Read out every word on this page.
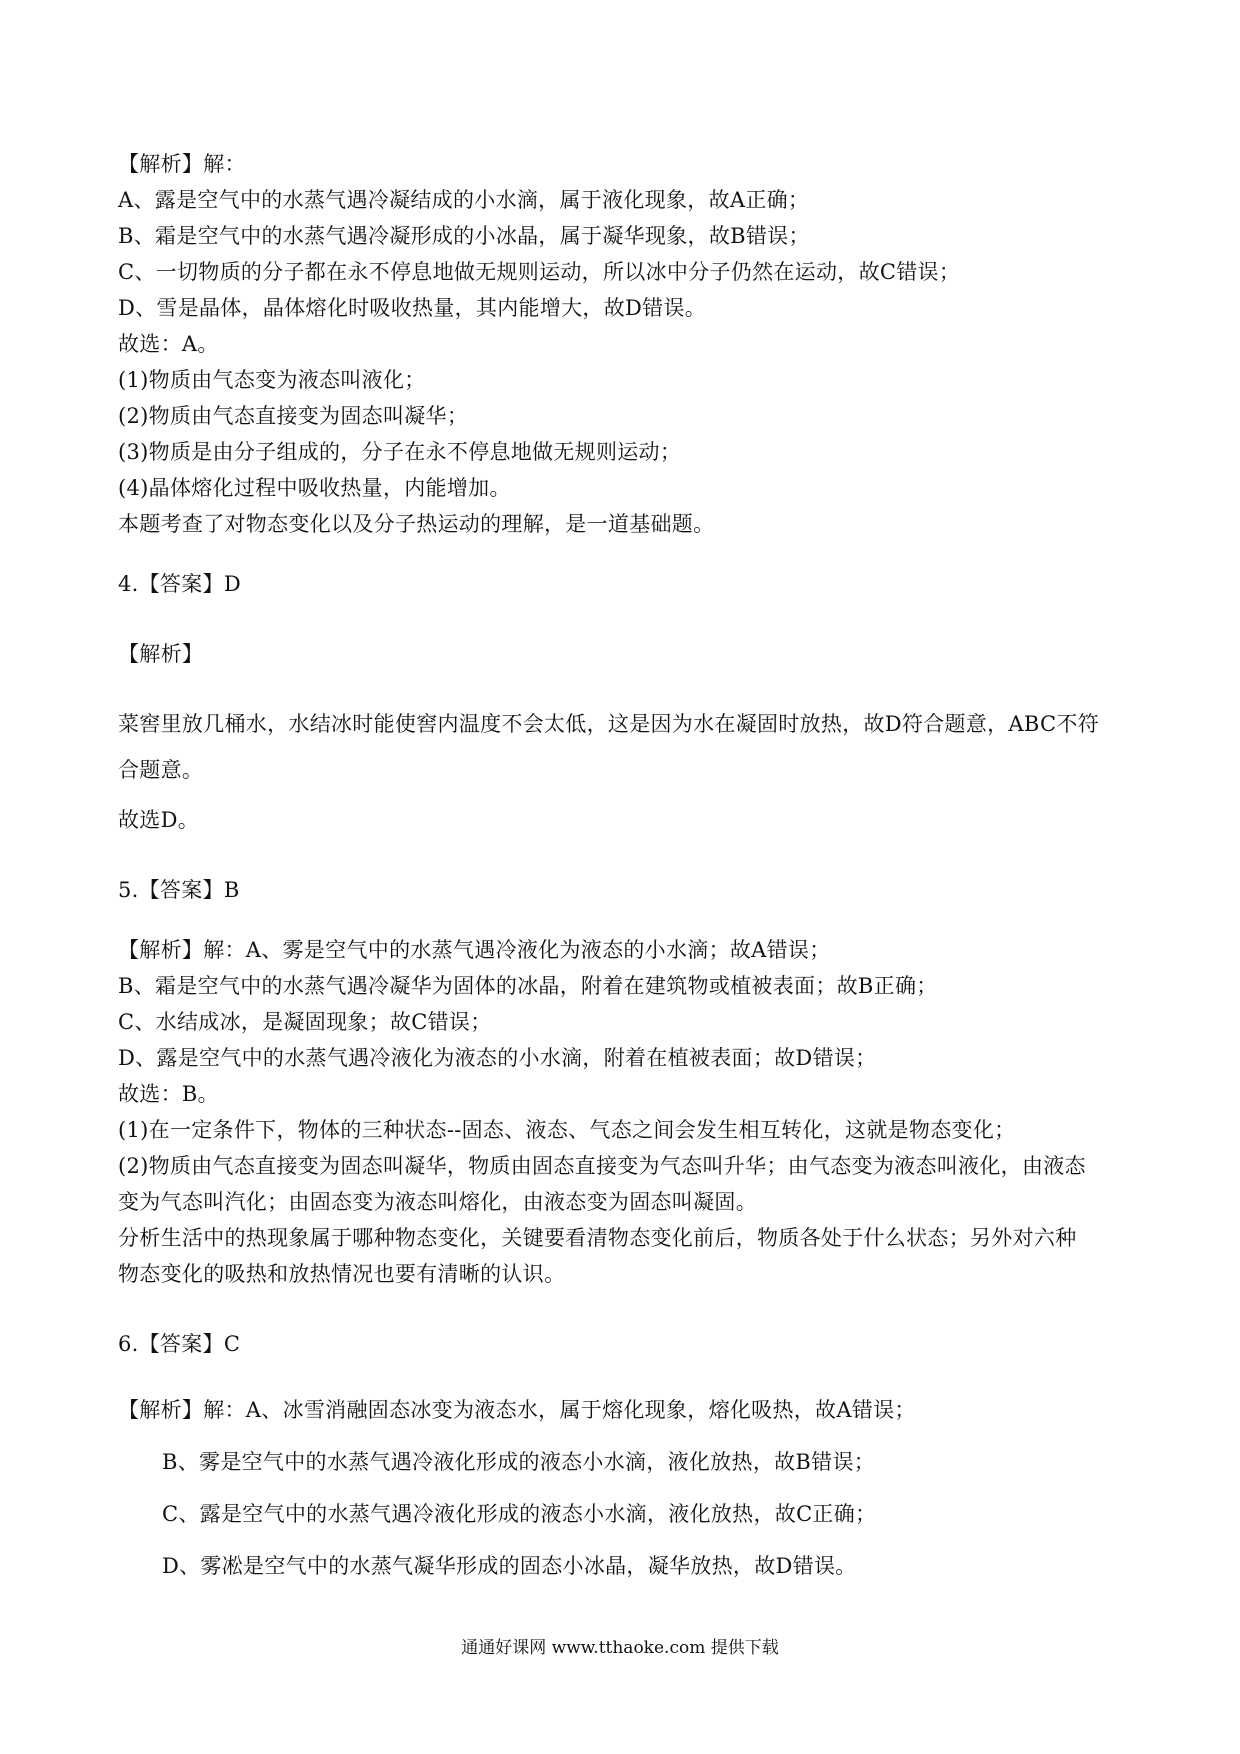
【解析】解：
A、露是空气中的水蒸气遇冷凝结成的小水滴，属于液化现象，故A正确；
B、霜是空气中的水蒸气遇冷凝形成的小冰晶，属于凝华现象，故B错误；
C、一切物质的分子都在永不停息地做无规则运动，所以冰中分子仍然在运动，故C错误；
D、雪是晶体，晶体熔化时吸收热量，其内能增大，故D错误。
故选：A。
(1)物质由气态变为液态叫液化；
(2)物质由气态直接变为固态叫凝华；
(3)物质是由分子组成的，分子在永不停息地做无规则运动；
(4)晶体熔化过程中吸收热量，内能增加。
本题考查了对物态变化以及分子热运动的理解，是一道基础题。
4.【答案】D
【解析】
菜窖里放几桶水，水结冰时能使窖内温度不会太低，这是因为水在凝固时放热，故D符合题意，ABC不符
合题意。
故选D。
5.【答案】B
【解析】解：A、雾是空气中的水蒸气遇冷液化为液态的小水滴；故A错误；
B、霜是空气中的水蒸气遇冷凝华为固体的冰晶，附着在建筑物或植被表面；故B正确；
C、水结成冰，是凝固现象；故C错误；
D、露是空气中的水蒸气遇冷液化为液态的小水滴，附着在植被表面；故D错误；
故选：B。
(1)在一定条件下，物体的三种状态--固态、液态、气态之间会发生相互转化，这就是物态变化；
(2)物质由气态直接变为固态叫凝华，物质由固态直接变为气态叫升华；由气态变为液态叫液化，由液态
变为气态叫汽化；由固态变为液态叫熔化，由液态变为固态叫凝固。
分析生活中的热现象属于哪种物态变化，关键要看清物态变化前后，物质各处于什么状态；另外对六种
物态变化的吸热和放热情况也要有清晰的认识。
6.【答案】C
【解析】解：A、冰雪消融固态冰变为液态水，属于熔化现象，熔化吸热，故A错误；
B、雾是空气中的水蒸气遇冷液化形成的液态小水滴，液化放热，故B错误；
C、露是空气中的水蒸气遇冷液化形成的液态小水滴，液化放热，故C正确；
D、雾凇是空气中的水蒸气凝华形成的固态小冰晶，凝华放热，故D错误。
通通好课网 www.tthaoke.com 提供下载
